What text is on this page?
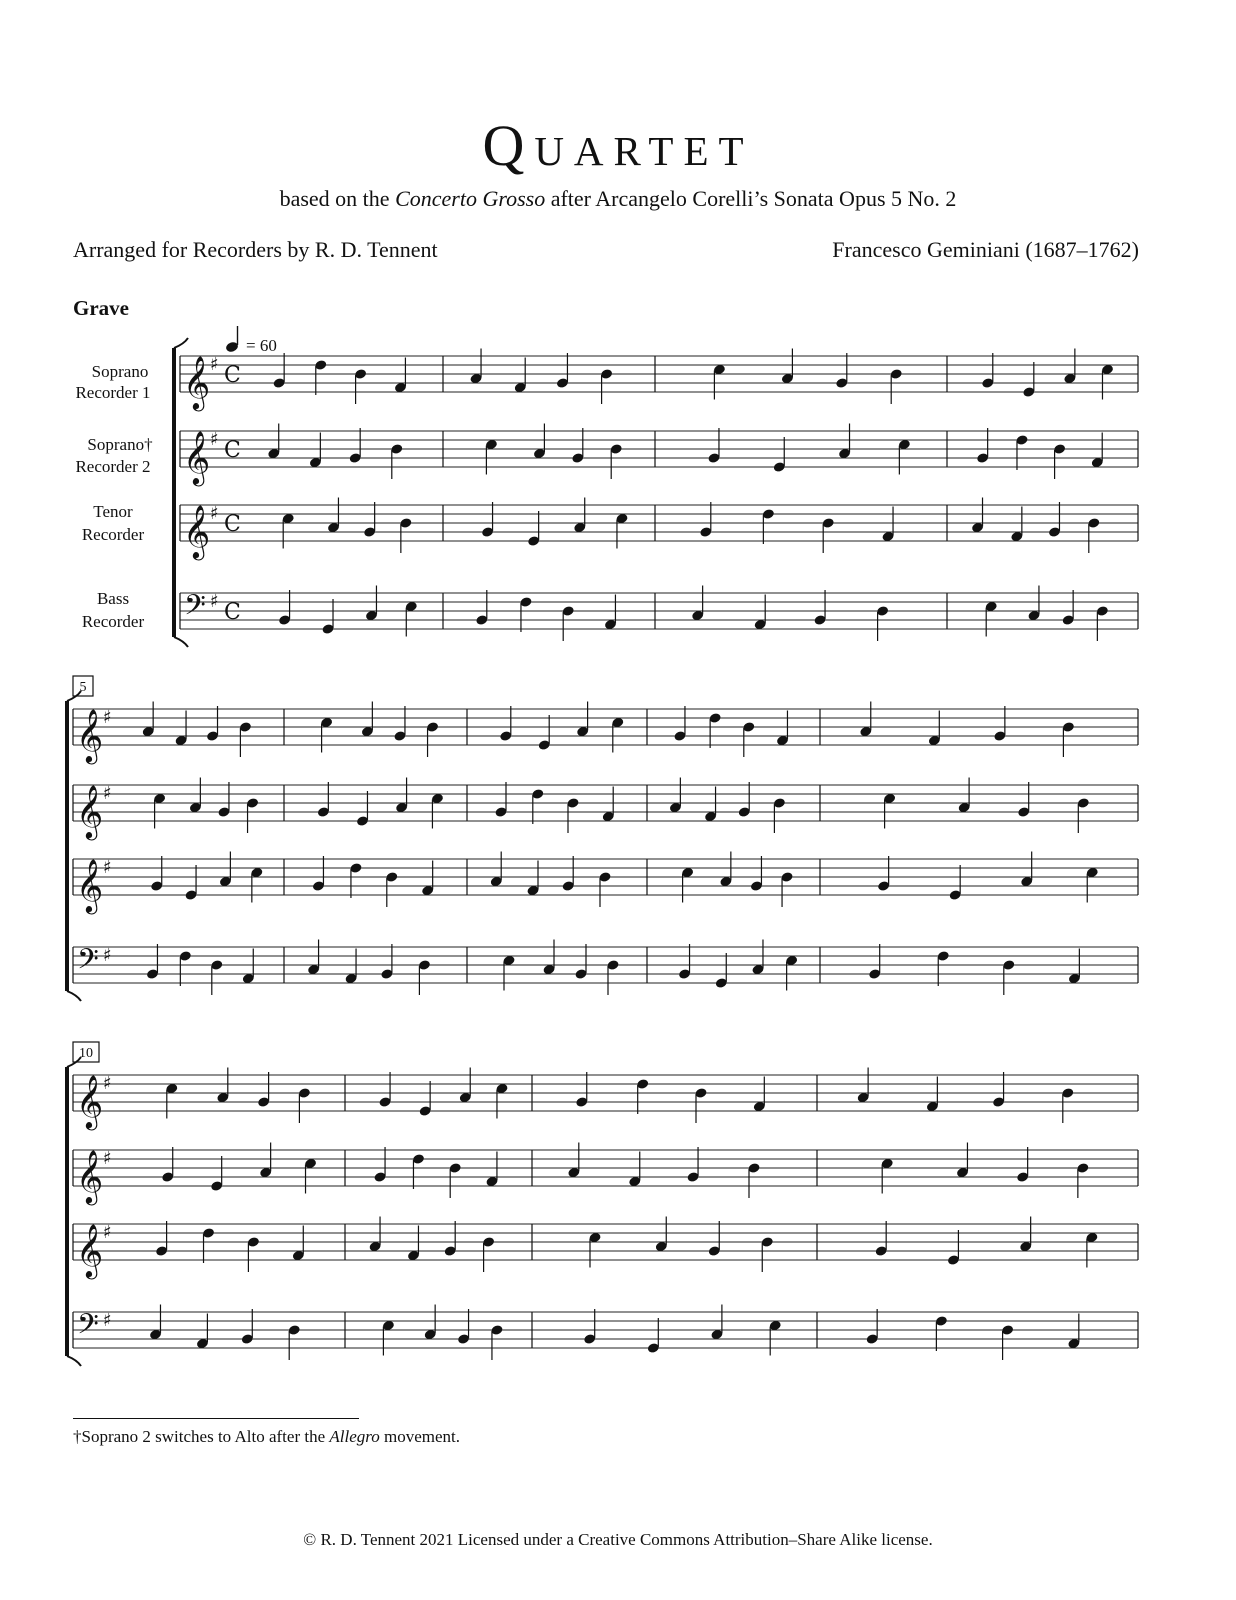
Quartet
based on the Concerto Grosso after Arcangelo Corelli’s Sonata Opus 5 No. 2
Arranged for Recorders by R. D. Tennent	Francesco Geminiani (1687–1762)
Grave
= 60
Soprano
Recorder 1
Soprano†
Recorder 2
Tenor
Recorder
Bass
Recorder
5
10
𝄞 ♯ C
𝄞 ♯ C
𝄞 ♯ C
𝄢 ♯ C
𝄞 ♯
𝄞 ♯
𝄞 ♯
𝄢 ♯
𝄞 ♯
𝄞 ♯
𝄞 ♯
𝄢 ♯
†Soprano 2 switches to Alto after the Allegro movement.
© R. D. Tennent 2021 Licensed under a Creative Commons Attribution–Share Alike license.
